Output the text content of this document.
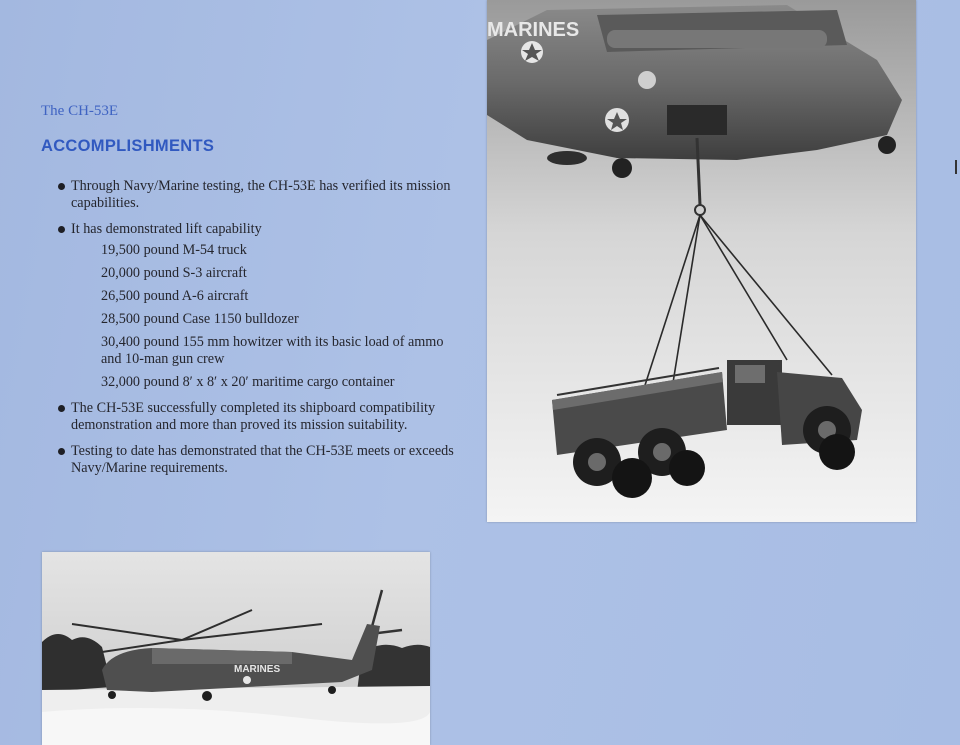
The CH-53E
ACCOMPLISHMENTS
Through Navy/Marine testing, the CH-53E has verified its mission capabilities.
It has demonstrated lift capability
19,500 pound M-54 truck
20,000 pound S-3 aircraft
26,500 pound A-6 aircraft
28,500 pound Case 1150 bulldozer
30,400 pound 155 mm howitzer with its basic load of ammo and 10-man gun crew
32,000 pound 8′ x 8′ x 20′ maritime cargo container
The CH-53E successfully completed its shipboard compatibility demonstration and more than proved its mission suitability.
Testing to date has demonstrated that the CH-53E meets or exceeds Navy/Marine requirements.
MARINES
MARINES
